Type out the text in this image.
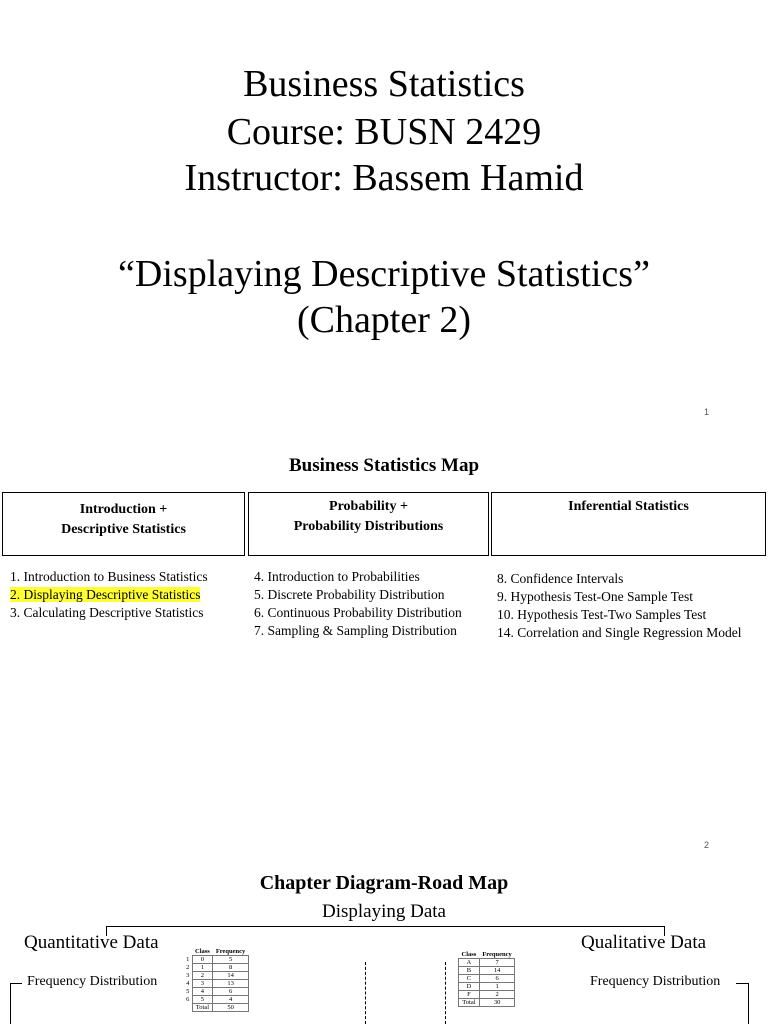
Business Statistics
Course: BUSN 2429
Instructor: Bassem Hamid
“Displaying Descriptive Statistics”
(Chapter 2)
1
Business Statistics Map
Introduction +
Descriptive Statistics
Probability +
Probability Distributions
Inferential Statistics
1. Introduction to Business Statistics
2. Displaying Descriptive Statistics
3. Calculating Descriptive Statistics
4. Introduction to Probabilities
5. Discrete Probability Distribution
6. Continuous Probability Distribution
7. Sampling & Sampling Distribution
8. Confidence Intervals
9. Hypothesis Test-One Sample Test
10. Hypothesis Test-Two Samples Test
14. Correlation and Single Regression Model
2
Chapter Diagram-Road Map
Displaying Data
Quantitative Data	Qualitative Data
Frequency Distribution	Frequency Distribution
	Class	Frequency
1	0	5
2	1	8
3	2	14
4	3	13
5	4	6
6	5	4
	Total	50
Class	Frequency
A	7
B	14
C	6
D	1
F	2
Total	30
